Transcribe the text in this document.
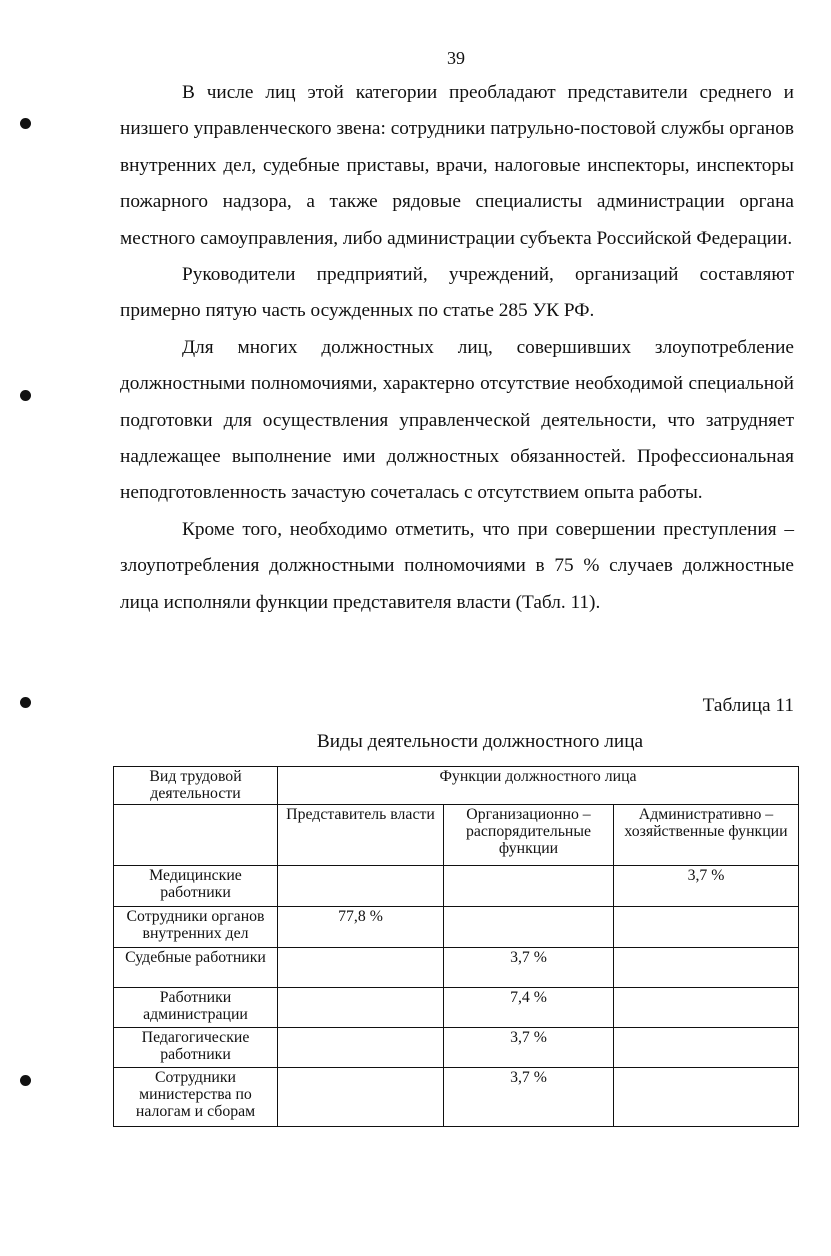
39

В числе лиц этой категории преобладают представители среднего и низшего управленческого звена: сотрудники патрульно-постовой службы органов внутренних дел, судебные приставы, врачи, налоговые инспекторы, инспекторы пожарного надзора, а также рядовые специалисты администрации органа местного самоуправления, либо администрации субъекта Российской Федерации.

Руководители предприятий, учреждений, организаций составляют примерно пятую часть осужденных по статье 285 УК РФ.

Для многих должностных лиц, совершивших злоупотребление должностными полномочиями, характерно отсутствие необходимой специальной подготовки для осуществления управленческой деятельности, что затрудняет надлежащее выполнение ими должностных обязанностей. Профессиональная неподготовленность зачастую сочеталась с отсутствием опыта работы.

Кроме того, необходимо отметить, что при совершении преступления – злоупотребления должностными полномочиями в 75 % случаев должностные лица исполняли функции представителя власти (Табл. 11).

Таблица 11
Виды деятельности должностного лица
Вид трудовой деятельности	Функции должностного лица		
	Представитель власти	Организационно – распорядительные функции	Административно – хозяйственные функции
Медицинские работники			3,7 %
Сотрудники органов внутренних дел	77,8 %		
Судебные работники		3,7 %	
Работники администрации		7,4 %	
Педагогические работники		3,7 %	
Сотрудники министерства по налогам и сборам		3,7 %	
